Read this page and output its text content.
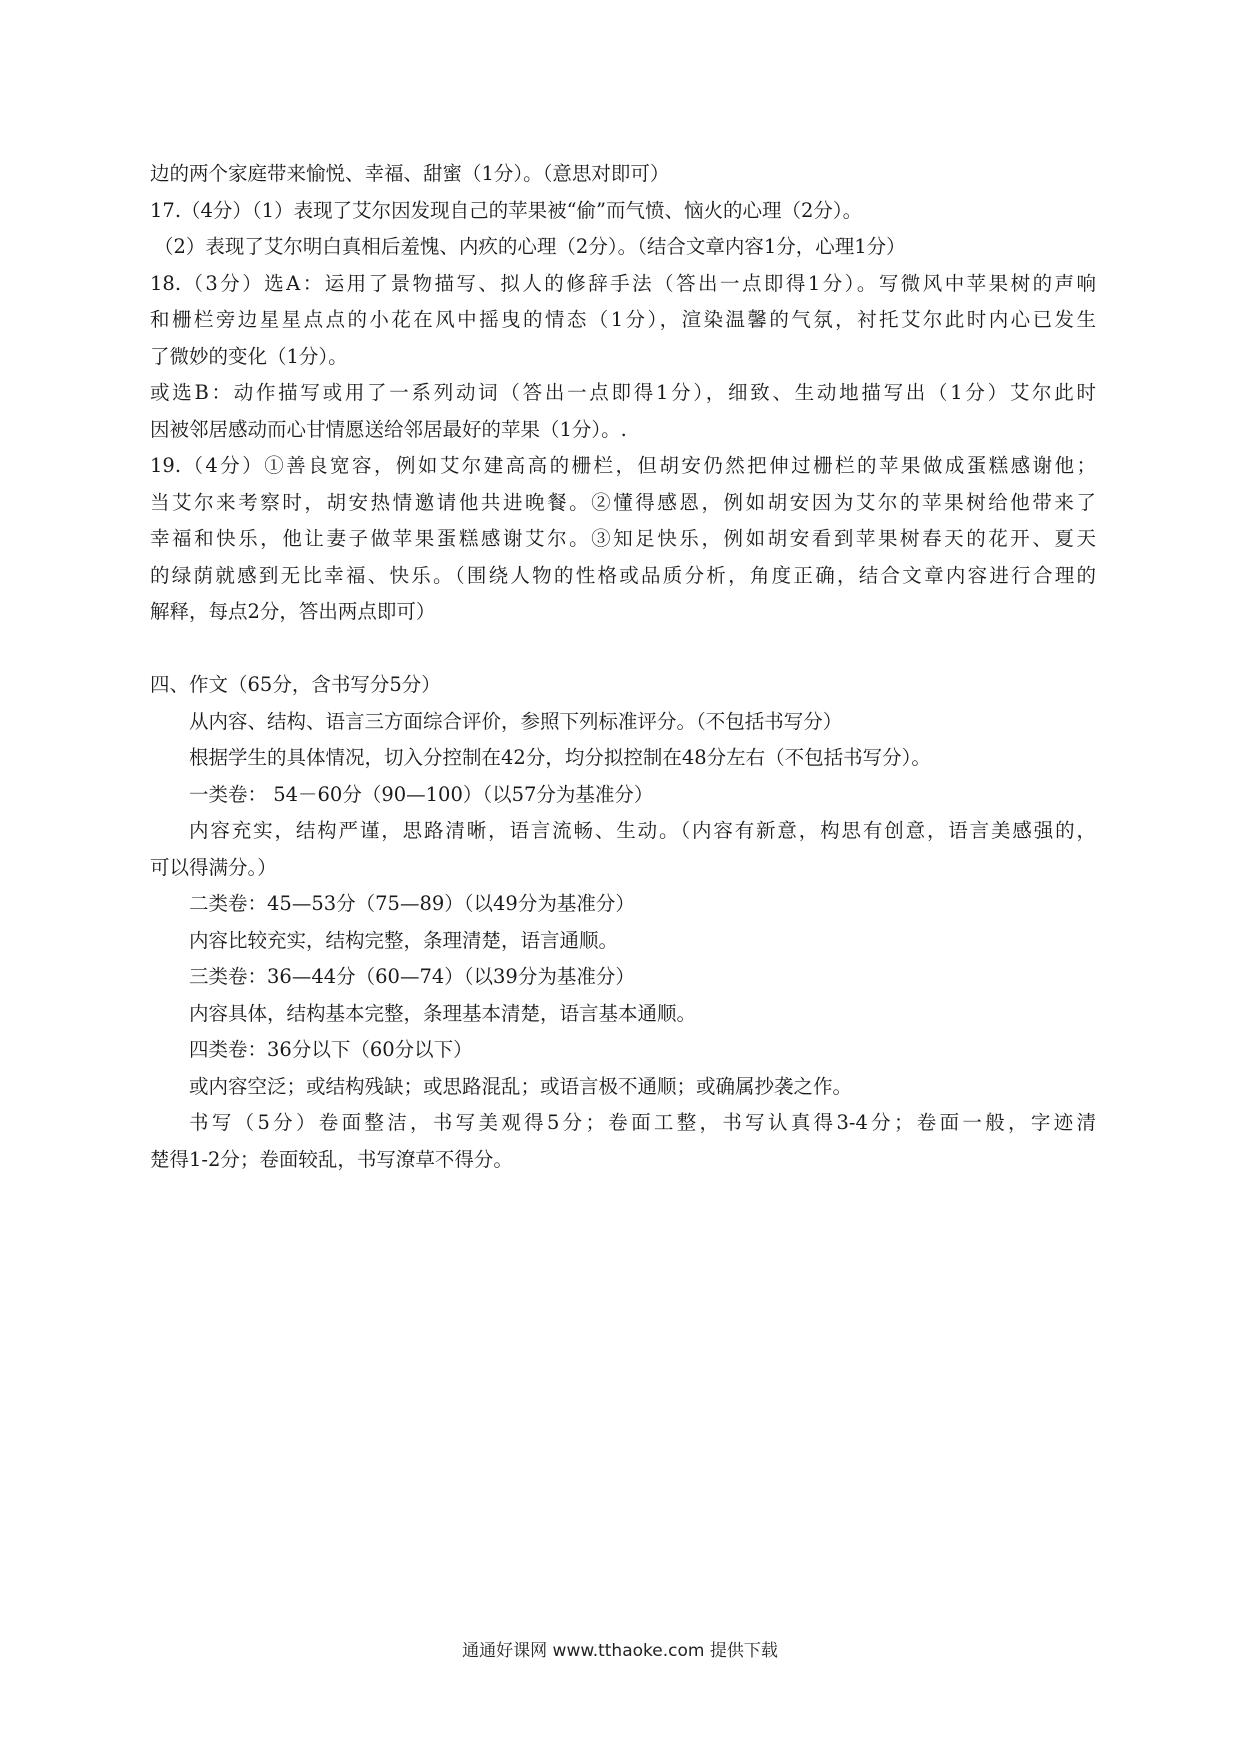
边的两个家庭带来愉悦、幸福、甜蜜（1分）。（意思对即可）
17.（4分）（1）表现了艾尔因发现自己的苹果被“偷”而气愤、恼火的心理（2分）。
（2）表现了艾尔明白真相后羞愧、内疚的心理（2分）。（结合文章内容1分，心理1分）
18.（3分）选A：运用了景物描写、拟人的修辞手法（答出一点即得1分）。写微风中苹果树的声响
和栅栏旁边星星点点的小花在风中摇曳的情态（1分），渲染温馨的气氛，衬托艾尔此时内心已发生
了微妙的变化（1分）。
或选B：动作描写或用了一系列动词（答出一点即得1分），细致、生动地描写出（1分）艾尔此时
因被邻居感动而心甘情愿送给邻居最好的苹果（1分）。.
19.（4分）①善良宽容，例如艾尔建高高的栅栏，但胡安仍然把伸过栅栏的苹果做成蛋糕感谢他；
当艾尔来考察时，胡安热情邀请他共进晚餐。②懂得感恩，例如胡安因为艾尔的苹果树给他带来了
幸福和快乐，他让妻子做苹果蛋糕感谢艾尔。③知足快乐，例如胡安看到苹果树春天的花开、夏天
的绿荫就感到无比幸福、快乐。（围绕人物的性格或品质分析，角度正确，结合文章内容进行合理的
解释，每点2分，答出两点即可）
四、作文（65分，含书写分5分）
从内容、结构、语言三方面综合评价，参照下列标准评分。（不包括书写分）
根据学生的具体情况，切入分控制在42分，均分拟控制在48分左右（不包括书写分）。
一类卷： 54－60分（90—100）（以57分为基准分）
内容充实，结构严谨，思路清晰，语言流畅、生动。（内容有新意，构思有创意，语言美感强的，
可以得满分。）
二类卷：45—53分（75—89）（以49分为基准分）
内容比较充实，结构完整，条理清楚，语言通顺。
三类卷：36—44分（60—74）（以39分为基准分）
内容具体，结构基本完整，条理基本清楚，语言基本通顺。
四类卷：36分以下（60分以下）
或内容空泛；或结构残缺；或思路混乱；或语言极不通顺；或确属抄袭之作。
书写（5分）卷面整洁，书写美观得5分；卷面工整，书写认真得3-4分；卷面一般，字迹清
楚得1-2分；卷面较乱，书写潦草不得分。
通通好课网 www.tthaoke.com 提供下载
